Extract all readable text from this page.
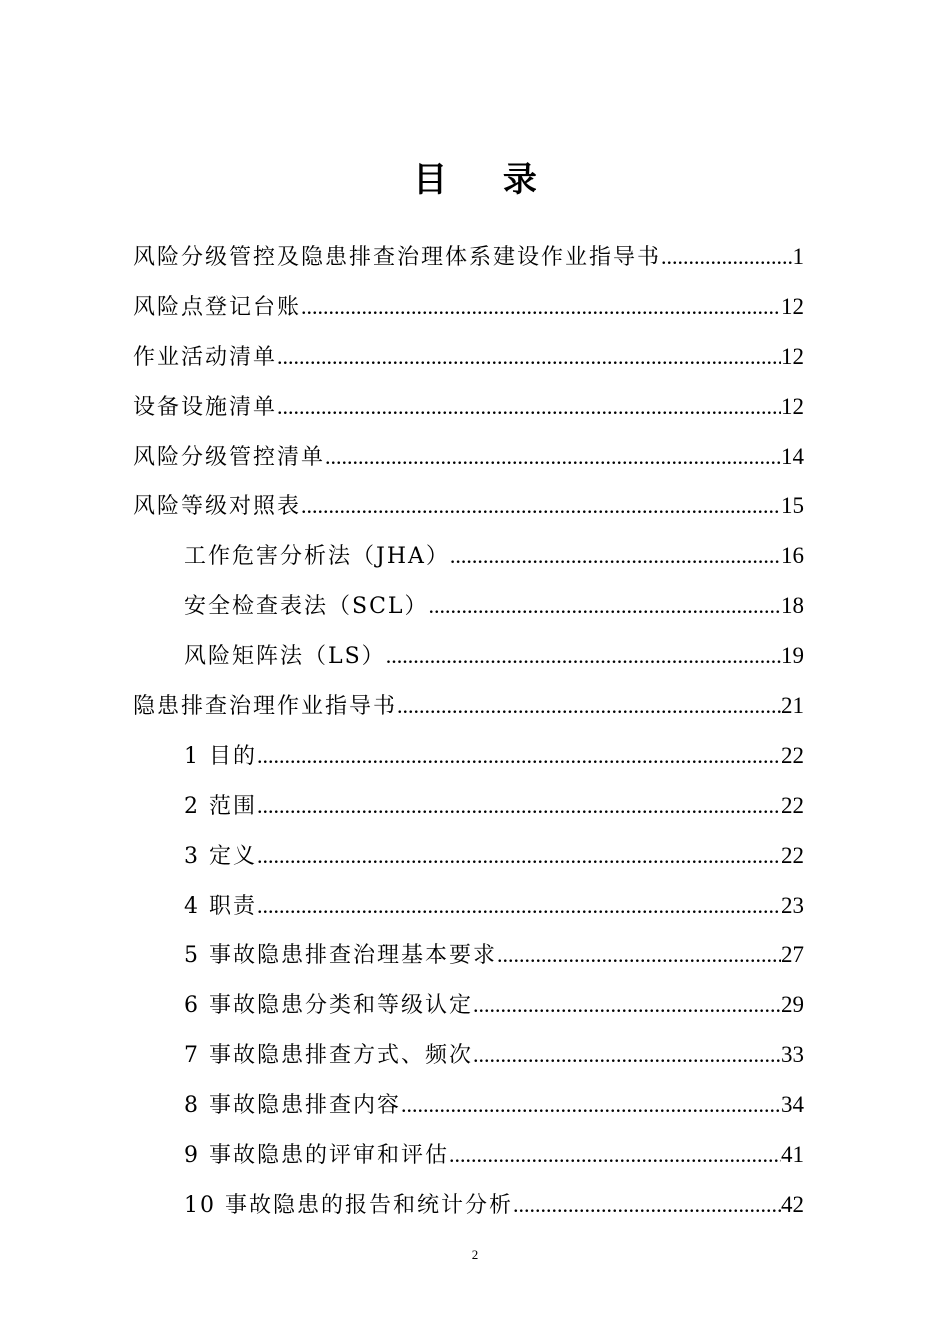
目 录
风险分级管控及隐患排查治理体系建设作业指导书 .....	1
风险点登记台账 .....	12
作业活动清单 .....	12
设备设施清单 .....	12
风险分级管控清单 .....	14
风险等级对照表 .....	15
工作危害分析法（JHA） .....	16
安全检查表法（SCL） .....	18
风险矩阵法（LS） .....	19
隐患排查治理作业指导书 .....	21
1 目的 .....	22
2 范围 .....	22
3 定义 .....	22
4 职责 .....	23
5 事故隐患排查治理基本要求 .....	27
6 事故隐患分类和等级认定 .....	29
7 事故隐患排查方式、频次 .....	33
8 事故隐患排查内容 .....	34
9 事故隐患的评审和评估 .....	41
10 事故隐患的报告和统计分析 .....	42
2
